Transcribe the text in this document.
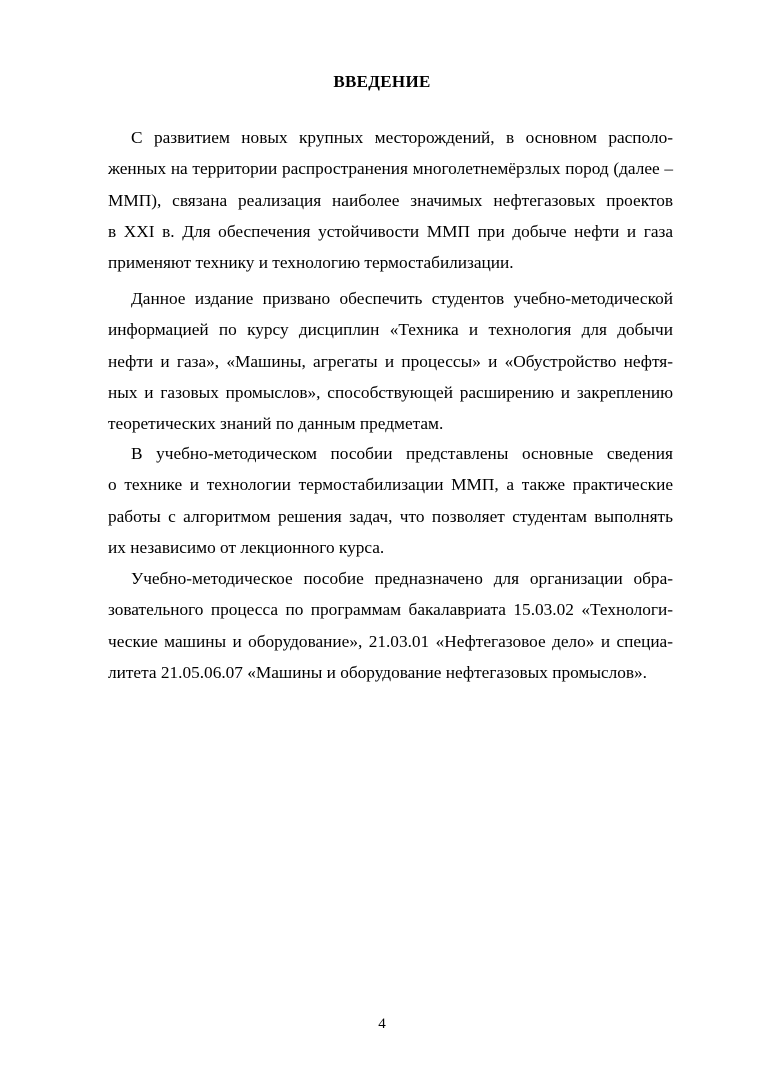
ВВЕДЕНИЕ
С развитием новых крупных месторождений, в основном располо-
женных на территории распространения многолетнемёрзлых пород (далее –
ММП), связана реализация наиболее значимых нефтегазовых проектов
в XXI в. Для обеспечения устойчивости ММП при добыче нефти и газа
применяют технику и технологию термостабилизации.
Данное издание призвано обеспечить студентов учебно-методической
информацией по курсу дисциплин «Техника и технология для добычи
нефти и газа», «Машины, агрегаты и процессы» и «Обустройство нефтя-
ных и газовых промыслов», способствующей расширению и закреплению
теоретических знаний по данным предметам.
В учебно-методическом пособии представлены основные сведения
о технике и технологии термостабилизации ММП, а также практические
работы с алгоритмом решения задач, что позволяет студентам выполнять
их независимо от лекционного курса.
Учебно-методическое пособие предназначено для организации обра-
зовательного процесса по программам бакалавриата 15.03.02 «Технологи-
ческие машины и оборудование», 21.03.01 «Нефтегазовое дело» и специа-
литета 21.05.06.07 «Машины и оборудование нефтегазовых промыслов».
4
